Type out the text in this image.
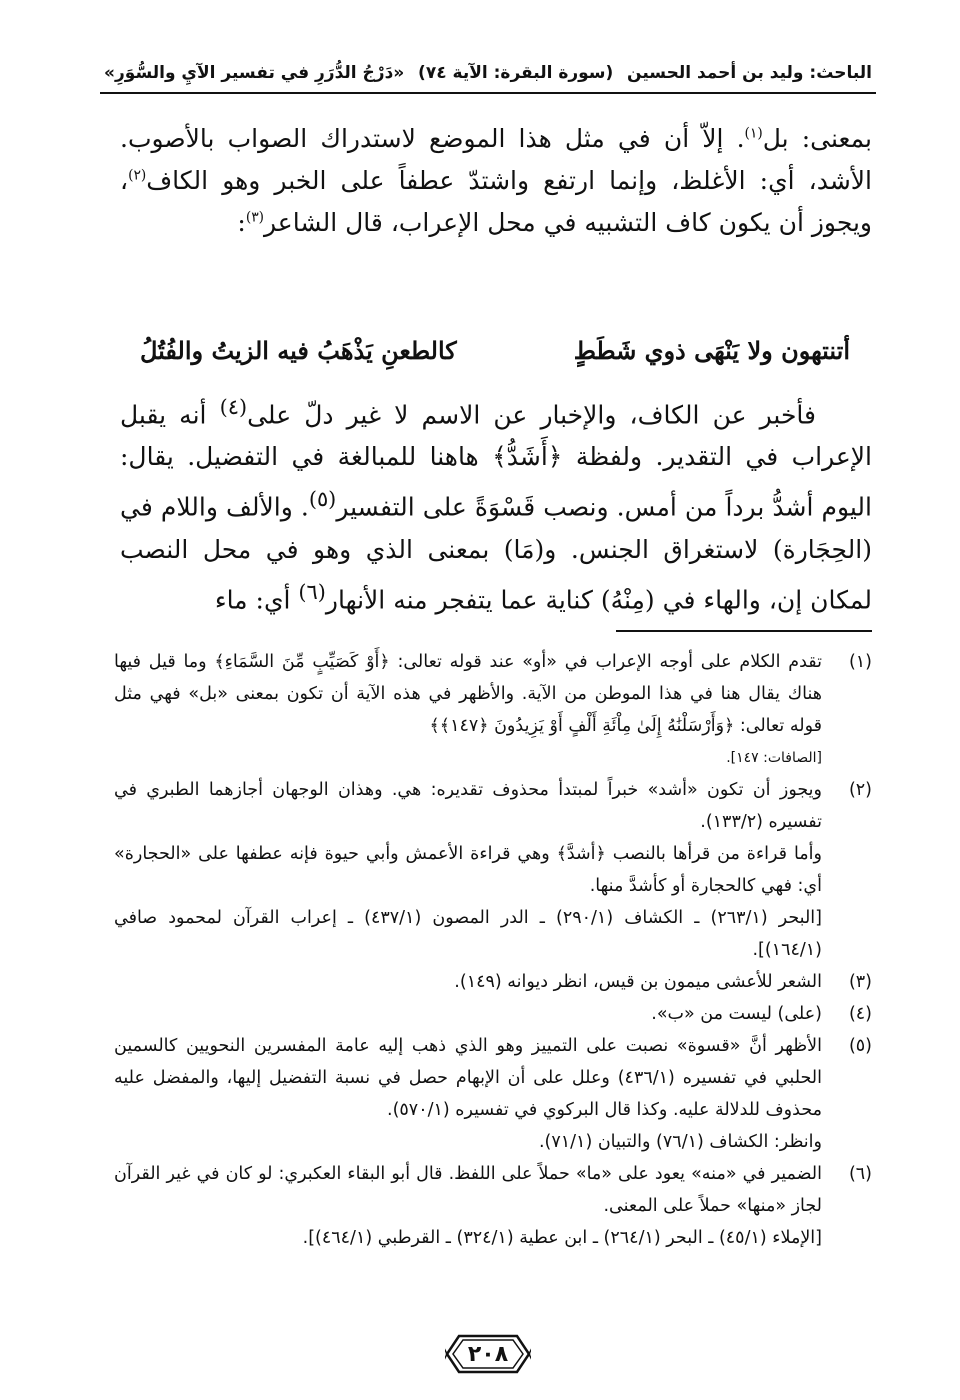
الباحث: وليد بن أحمد الحسين
(سورة البقرة: الآية ٧٤)
«دَرْجُ الدُّرَرِ في تفسير الآيِ والسُّوَرِ»

بمعنى: بل$^{(١)}$. إلاّ أن في مثل هذا الموضع لاستدراك الصواب بالأصوب. الأشد، أي: الأغلظ، وإنما ارتفع واشتدّ عطفاً على الخبر وهو الكاف$^{(٢)}$، ويجوز أن يكون كاف التشبيه في محل الإعراب، قال الشاعر$^{(٣)}$:

أتنتهون ولا يَنْهَى ذوي شَطَطٍ
كالطعنِ يَذْهَبُ فيه الزيتُ والفُتُلُ

فأخبر عن الكاف، والإخبار عن الاسم لا غير دلّ على$^{(٤)}$ أنه يقبل الإعراب في التقدير. ولفظة ﴿أَشَدُّ﴾ هاهنا للمبالغة في التفضيل. يقال: اليوم أشدُّ برداً من أمس. ونصب قَسْوَةً على التفسير$^{(٥)}$. والألف واللام في (الحِجَارة) لاستغراق الجنس. و(مَا) بمعنى الذي وهو في محل النصب لمكان إن، والهاء في (مِنْهُ) كناية عما يتفجر منه الأنهار$^{(٦)}$ أي: ماء

(١)

تقدم الكلام على أوجه الإعراب في «أو» عند قوله تعالى: ﴿أَوْ كَصَيِّبٍ مِّنَ السَّمَاءِ﴾ وما قيل فيها هناك يقال هنا في هذا الموطن من الآية. والأظهر في هذه الآية أن تكون بمعنى «بل» فهي مثل قوله تعالى: ﴿وَأَرْسَلْنَٰهُ إِلَىٰ مِاْئَةِ أَلْفٍ أَوْ يَزِيدُونَ ﴿١٤٧﴾﴾

[الصافات: ١٤٧].

(٢)

ويجوز أن تكون «أشد» خبراً لمبتدأ محذوف تقديره: هي. وهذان الوجهان أجازهما الطبري في تفسيره (١٣٣/٢).

وأما قراءة من قرأها بالنصب ﴿أشدَّ﴾ وهي قراءة الأعمش وأبي حيوة فإنه عطفها على «الحجارة» أي: فهي كالحجارة أو كأشدَّ منها.

[البحر (٢٦٣/١) ـ الكشاف (٢٩٠/١) ـ الدر المصون (٤٣٧/١) ـ إعراب القرآن لمحمود صافي (١٦٤/١)].

(٣)

الشعر للأعشى ميمون بن قيس، انظر ديوانه (١٤٩).

(٤)

(على) ليست من «ب».

(٥)

الأظهر أنَّ «قسوة» نصبت على التمييز وهو الذي ذهب إليه عامة المفسرين النحويين كالسمين الحلبي في تفسيره (٤٣٦/١) وعلل على أن الإبهام حصل في نسبة التفضيل إليها، والمفضل عليه محذوف للدلالة عليه. وكذا قال البركوي في تفسيره (٥٧٠/١).

وانظر: الكشاف (٧٦/١) والتبيان (٧١/١).

(٦)

الضمير في «منه» يعود على «ما» حملاً على اللفظ. قال أبو البقاء العكبري: لو كان في غير القرآن لجاز «منها» حملاً على المعنى.

[الإملاء (٤٥/١) ـ البحر (٢٦٤/١) ـ ابن عطية (٣٢٤/١) ـ القرطبي (٤٦٤/١)].

٢٠٨
